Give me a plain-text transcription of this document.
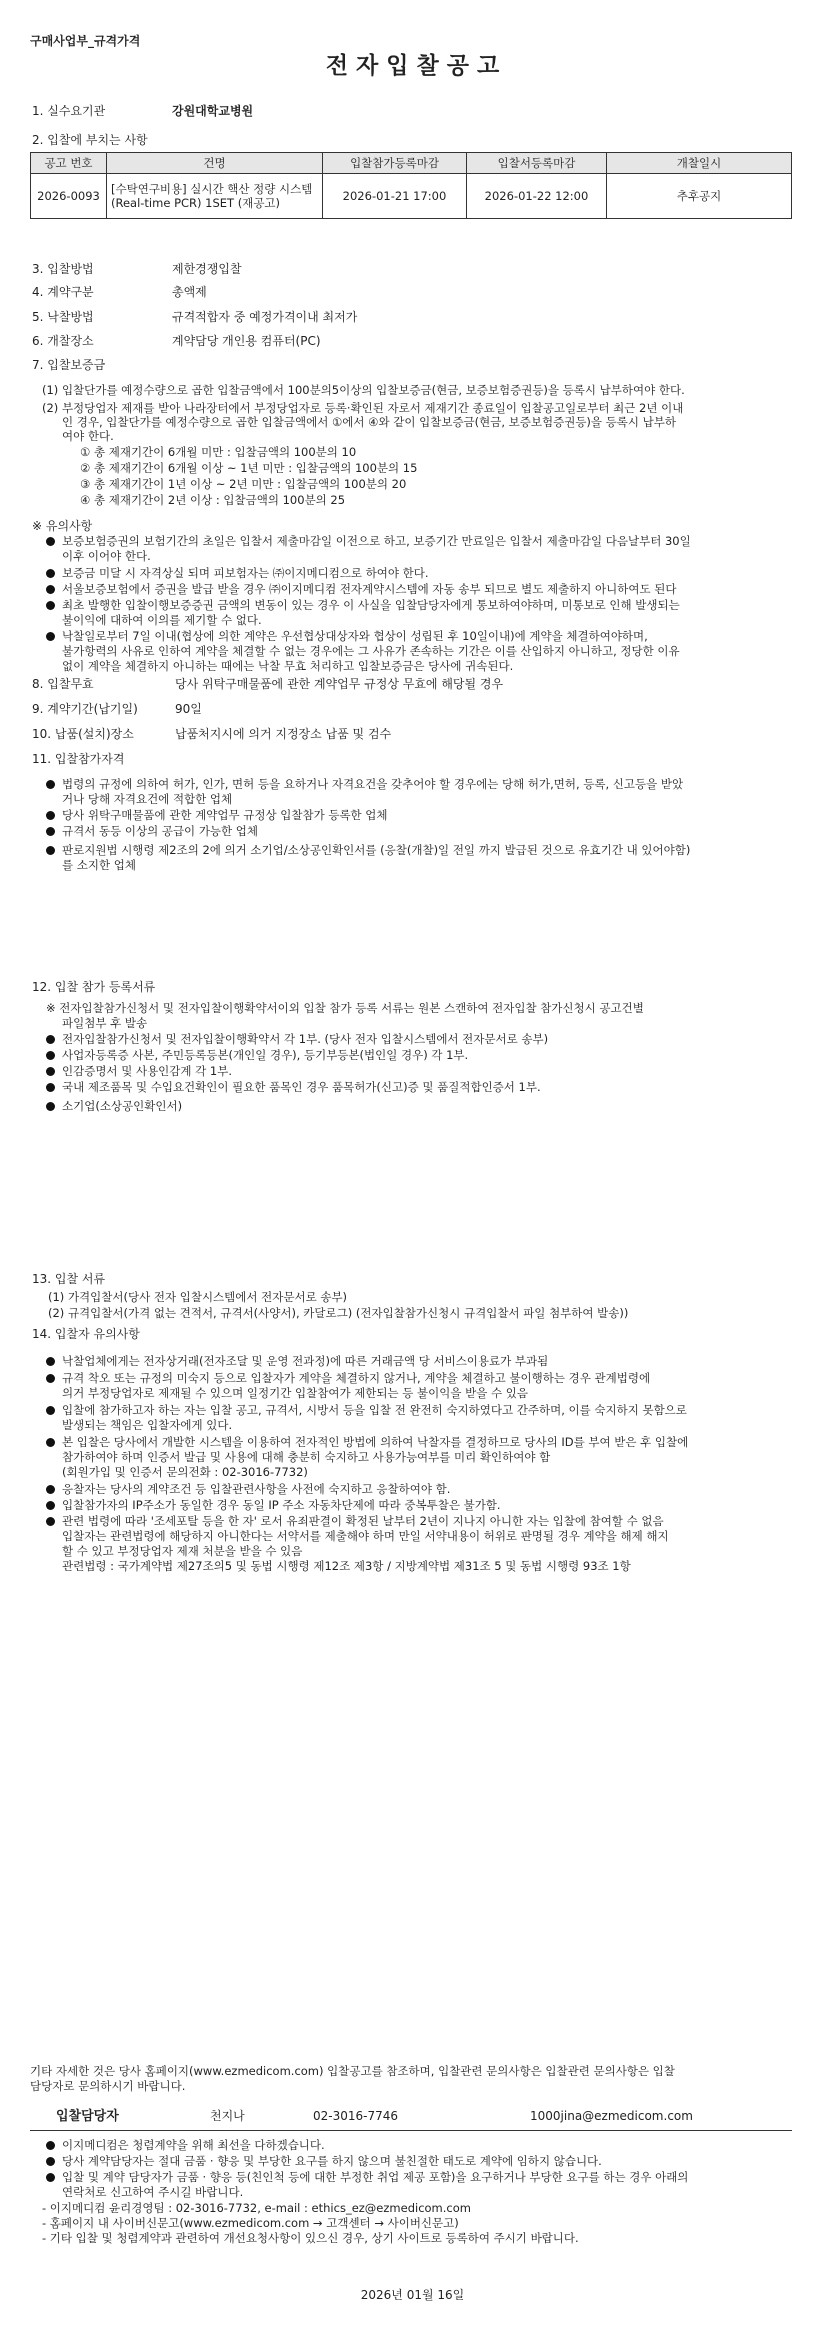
구매사업부_규격가격
전 자 입 찰 공 고
1. 실수요기관	강원대학교병원
2. 입찰에 부치는 사항
공고 번호	건명	입찰참가등록마감	입찰서등록마감	개찰일시
2026-0093	[수탁연구비용] 실시간 핵산 정량 시스템
(Real-time PCR) 1SET (재공고)	2026-01-21 17:00	2026-01-22 12:00	추후공지
3. 입찰방법	제한경쟁입찰
4. 계약구분	총액제
5. 낙찰방법	규격적합자 중 예정가격이내 최저가
6. 개찰장소	계약담당 개인용 컴퓨터(PC)
7. 입찰보증금
(1) 입찰단가를 예정수량으로 곱한 입찰금액에서 100분의5이상의 입찰보증금(현금, 보증보험증권등)을 등록시 납부하여야 한다.
(2) 부정당업자 제재를 받아 나라장터에서 부정당업자로 등록·확인된 자로서 제재기간 종료일이 입찰공고일로부터 최근 2년 이내
인 경우, 입찰단가를 예정수량으로 곱한 입찰금액에서 ①에서 ④와 같이 입찰보증금(현금, 보증보험증권등)을 등록시 납부하
여야 한다.
① 총 제재기간이 6개월 미만 : 입찰금액의 100분의 10
② 총 제재기간이 6개월 이상 ~ 1년 미만 : 입찰금액의 100분의 15
③ 총 제재기간이 1년 이상 ~ 2년 미만 : 입찰금액의 100분의 20
④ 총 제재기간이 2년 이상 : 입찰금액의 100분의 25
※ 유의사항
보증보험증권의 보험기간의 초일은 입찰서 제출마감일 이전으로 하고, 보증기간 만료일은 입찰서 제출마감일 다음날부터 30일
이후 이어야 한다.
보증금 미달 시 자격상실 되며 피보험자는 ㈜이지메디컴으로 하여야 한다.
서울보증보험에서 증권을 발급 받을 경우 ㈜이지메디컴 전자계약시스템에 자동 송부 되므로 별도 제출하지 아니하여도 된다
최초 발행한 입찰이행보증증권 금액의 변동이 있는 경우 이 사실을 입찰담당자에게 통보하여야하며, 미통보로 인해 발생되는
불이익에 대하여 이의를 제기할 수 없다.
낙찰일로부터 7일 이내(협상에 의한 계약은 우선협상대상자와 협상이 성립된 후 10일이내)에 계약을 체결하여야하며,
불가항력의 사유로 인하여 계약을 체결할 수 없는 경우에는 그 사유가 존속하는 기간은 이를 산입하지 아니하고, 정당한 이유
없이 계약을 체결하지 아니하는 때에는 낙찰 무효 처리하고 입찰보증금은 당사에 귀속된다.
8. 입찰무효	당사 위탁구매물품에 관한 계약업무 규정상 무효에 해당될 경우
9. 계약기간(납기일)	90일
10. 납품(설치)장소	납품처지시에 의거 지정장소 납품 및 검수
11. 입찰참가자격
법령의 규정에 의하여 허가, 인가, 면허 등을 요하거나 자격요건을 갖추어야 할 경우에는 당해 허가,면허, 등록, 신고등을 받았
거나 당해 자격요건에 적합한 업체
당사 위탁구매물품에 관한 계약업무 규정상 입찰참가 등록한 업체
규격서 동등 이상의 공급이 가능한 업체
판로지원법 시행령 제2조의 2에 의거 소기업/소상공인확인서를 (응찰(개찰)일 전일 까지 발급된 것으로 유효기간 내 있어야함)
를 소지한 업체
12. 입찰 참가 등록서류
※ 전자입찰참가신청서 및 전자입찰이행확약서이외 입찰 참가 등록 서류는 원본 스캔하여 전자입찰 참가신청시 공고건별
파일첨부 후 발송
전자입찰참가신청서 및 전자입찰이행확약서 각 1부. (당사 전자 입찰시스템에서 전자문서로 송부)
사업자등록증 사본, 주민등록등본(개인일 경우), 등기부등본(법인일 경우) 각 1부.
인감증명서 및 사용인감계 각 1부.
국내 제조품목 및 수입요건확인이 필요한 품목인 경우 품목허가(신고)증 및 품질적합인증서 1부.
소기업(소상공인확인서)
13. 입찰 서류
(1) 가격입찰서(당사 전자 입찰시스템에서 전자문서로 송부)
(2) 규격입찰서(가격 없는 견적서, 규격서(사양서), 카달로그) (전자입찰참가신청시 규격입찰서 파일 첨부하여 발송))
14. 입찰자 유의사항
낙찰업체에게는 전자상거래(전자조달 및 운영 전과정)에 따른 거래금액 당 서비스이용료가 부과됨
규격 착오 또는 규정의 미숙지 등으로 입찰자가 계약을 체결하지 않거나, 계약을 체결하고 불이행하는 경우 관계법령에
의거 부정당업자로 제재될 수 있으며 일정기간 입찰참여가 제한되는 등 불이익을 받을 수 있음
입찰에 참가하고자 하는 자는 입찰 공고, 규격서, 시방서 등을 입찰 전 완전히 숙지하였다고 간주하며, 이를 숙지하지 못함으로
발생되는 책임은 입찰자에게 있다.
본 입찰은 당사에서 개발한 시스템을 이용하여 전자적인 방법에 의하여 낙찰자를 결정하므로 당사의 ID를 부여 받은 후 입찰에
참가하여야 하며 인증서 발급 및 사용에 대해 충분히 숙지하고 사용가능여부를 미리 확인하여야 함
(회원가입 및 인증서 문의전화 : 02-3016-7732)
응찰자는 당사의 계약조건 등 입찰관련사항을 사전에 숙지하고 응찰하여야 함.
입찰참가자의 IP주소가 동일한 경우 동일 IP 주소 자동차단제에 따라 중복투찰은 불가함.
관련 법령에 따라 '조세포탈 등을 한 자' 로서 유죄판결이 확정된 날부터 2년이 지나지 아니한 자는 입찰에 참여할 수 없음
입찰자는 관련법령에 해당하지 아니한다는 서약서를 제출해야 하며 만일 서약내용이 허위로 판명될 경우 계약을 해제 해지
할 수 있고 부정당업자 제재 처분을 받을 수 있음
관련법령 : 국가계약법 제27조의5 및 동법 시행령 제12조 제3항 / 지방계약법 제31조 5 및 동법 시행령 93조 1항
기타 자세한 것은 당사 홈페이지(www.ezmedicom.com) 입찰공고를 참조하며, 입찰관련 문의사항은 입찰관련 문의사항은 입찰
담당자로 문의하시기 바랍니다.
입찰담당자	천지나	02-3016-7746	1000jina@ezmedicom.com
이지메디컴은 청렴계약을 위해 최선을 다하겠습니다.
당사 계약담당자는 절대 금품 · 향응 및 부당한 요구를 하지 않으며 불친절한 태도로 계약에 임하지 않습니다.
입찰 및 계약 담당자가 금품 · 향응 등(친인척 등에 대한 부정한 취업 제공 포함)을 요구하거나 부당한 요구를 하는 경우 아래의
연락처로 신고하여 주시길 바랍니다.
- 이지메디컴 윤리경영팀 : 02-3016-7732, e-mail : ethics_ez@ezmedicom.com
- 홈페이지 내 사이버신문고(www.ezmedicom.com → 고객센터 → 사이버신문고)
- 기타 입찰 및 청렴계약과 관련하여 개선요청사항이 있으신 경우, 상기 사이트로 등록하여 주시기 바랍니다.
2026년 01월 16일
